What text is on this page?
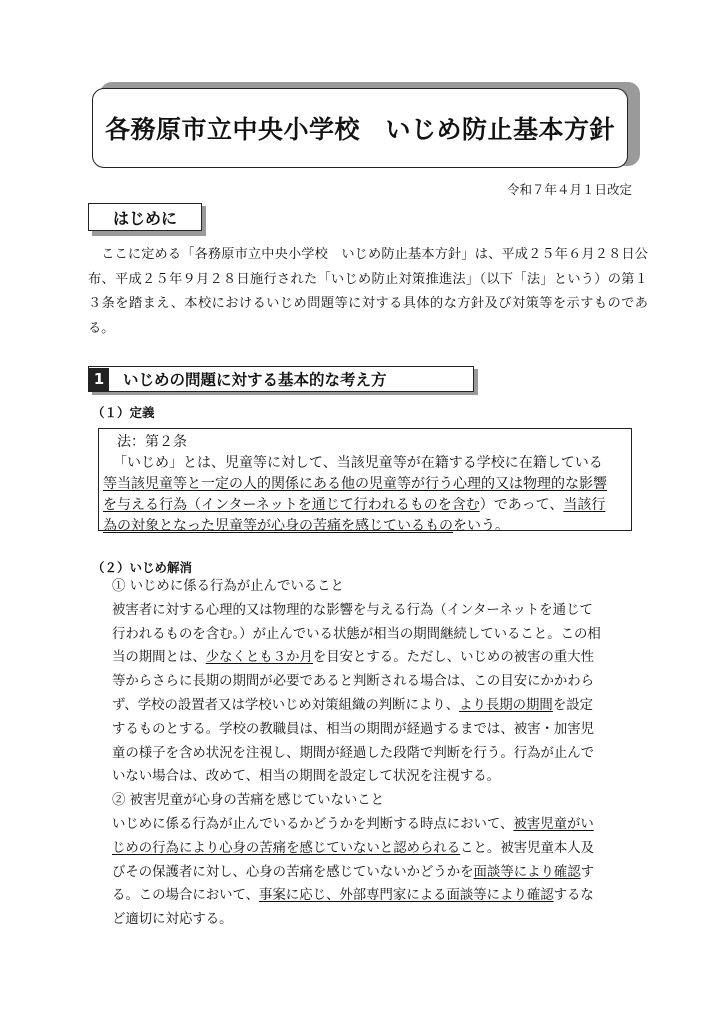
各務原市立中央小学校　いじめ防止基本方針
令和７年４月１日改定
はじめに
ここに定める「各務原市立中央小学校　いじめ防止基本方針」は、平成２５年６月２８日公布、平成２５年９月２８日施行された「いじめ防止対策推進法」（以下「法」という）の第１３条を踏まえ、本校におけるいじめ問題等に対する具体的な方針及び対策等を示すものである。
1	いじめの問題に対する基本的な考え方
（１）定義
法：第２条
「いじめ」とは、児童等に対して、当該児童等が在籍する学校に在籍している
等当該児童等と一定の人的関係にある他の児童等が行う心理的又は物理的な影響
を与える行為（インターネットを通じて行われるものを含む）であって、当該行
為の対象となった児童等が心身の苦痛を感じているものをいう。
（２）いじめ解消
① いじめに係る行為が止んでいること
被害者に対する心理的又は物理的な影響を与える行為（インターネットを通じて
行われるものを含む。）が止んでいる状態が相当の期間継続していること。この相
当の期間とは、少なくとも３か月を目安とする。ただし、いじめの被害の重大性
等からさらに長期の期間が必要であると判断される場合は、この目安にかかわら
ず、学校の設置者又は学校いじめ対策組織の判断により、より長期の期間を設定
するものとする。学校の教職員は、相当の期間が経過するまでは、被害・加害児
童の様子を含め状況を注視し、期間が経過した段階で判断を行う。行為が止んで
いない場合は、改めて、相当の期間を設定して状況を注視する。
② 被害児童が心身の苦痛を感じていないこと
いじめに係る行為が止んでいるかどうかを判断する時点において、被害児童がい
じめの行為により心身の苦痛を感じていないと認められること。被害児童本人及
びその保護者に対し、心身の苦痛を感じていないかどうかを面談等により確認す
る。この場合において、事案に応じ、外部専門家による面談等により確認するな
ど適切に対応する。
